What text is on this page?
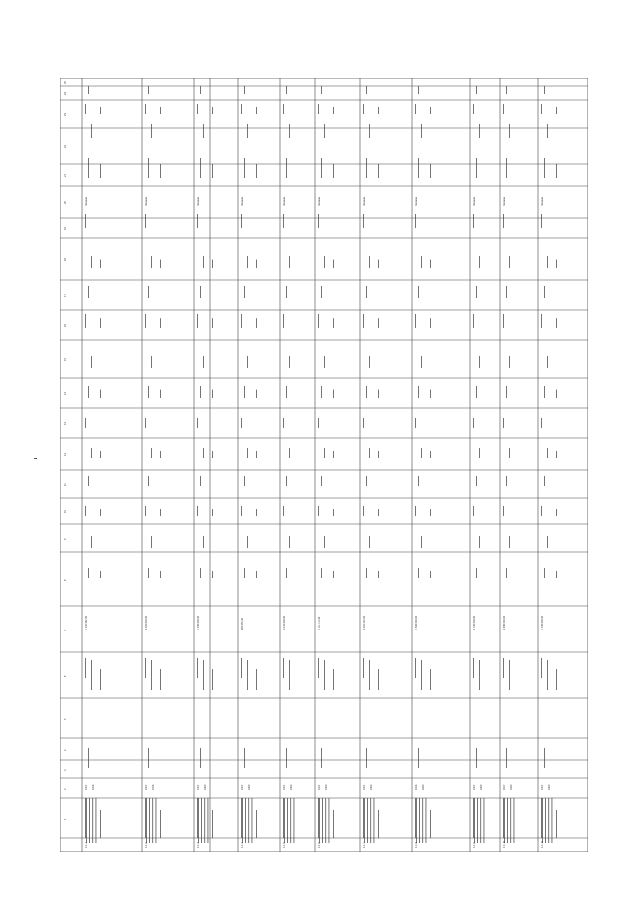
25
24
23
22
21
20
19
18
17
16
15
14
13
12
11
10
9
8
7
6
5
4
3
2
1
1.1.1
2017 2018
1 234 567,00
Человек
1.1.2
2017 2018
2 345 678,00
Человек
1.1.3
2017 2020
1 456 000,00
Человек
1.1.4
2017 2020
987 654,00
Человек
1.1.5
2017 2020
3 210 000,00
Человек
1.1.6
2017 2020
1 111 111,00
Человек
1.1.7
2017 2020
2 222 222,00
Человек
1.1.8
2018 2020
1 500 000,00
Человек
1.1.9
2017 2020
4 100 000,00
Человек
1.1.10
2017 2020
2 900 000,00
Человек
1.1.11
2017 2020
1 700 000,00
Человек
